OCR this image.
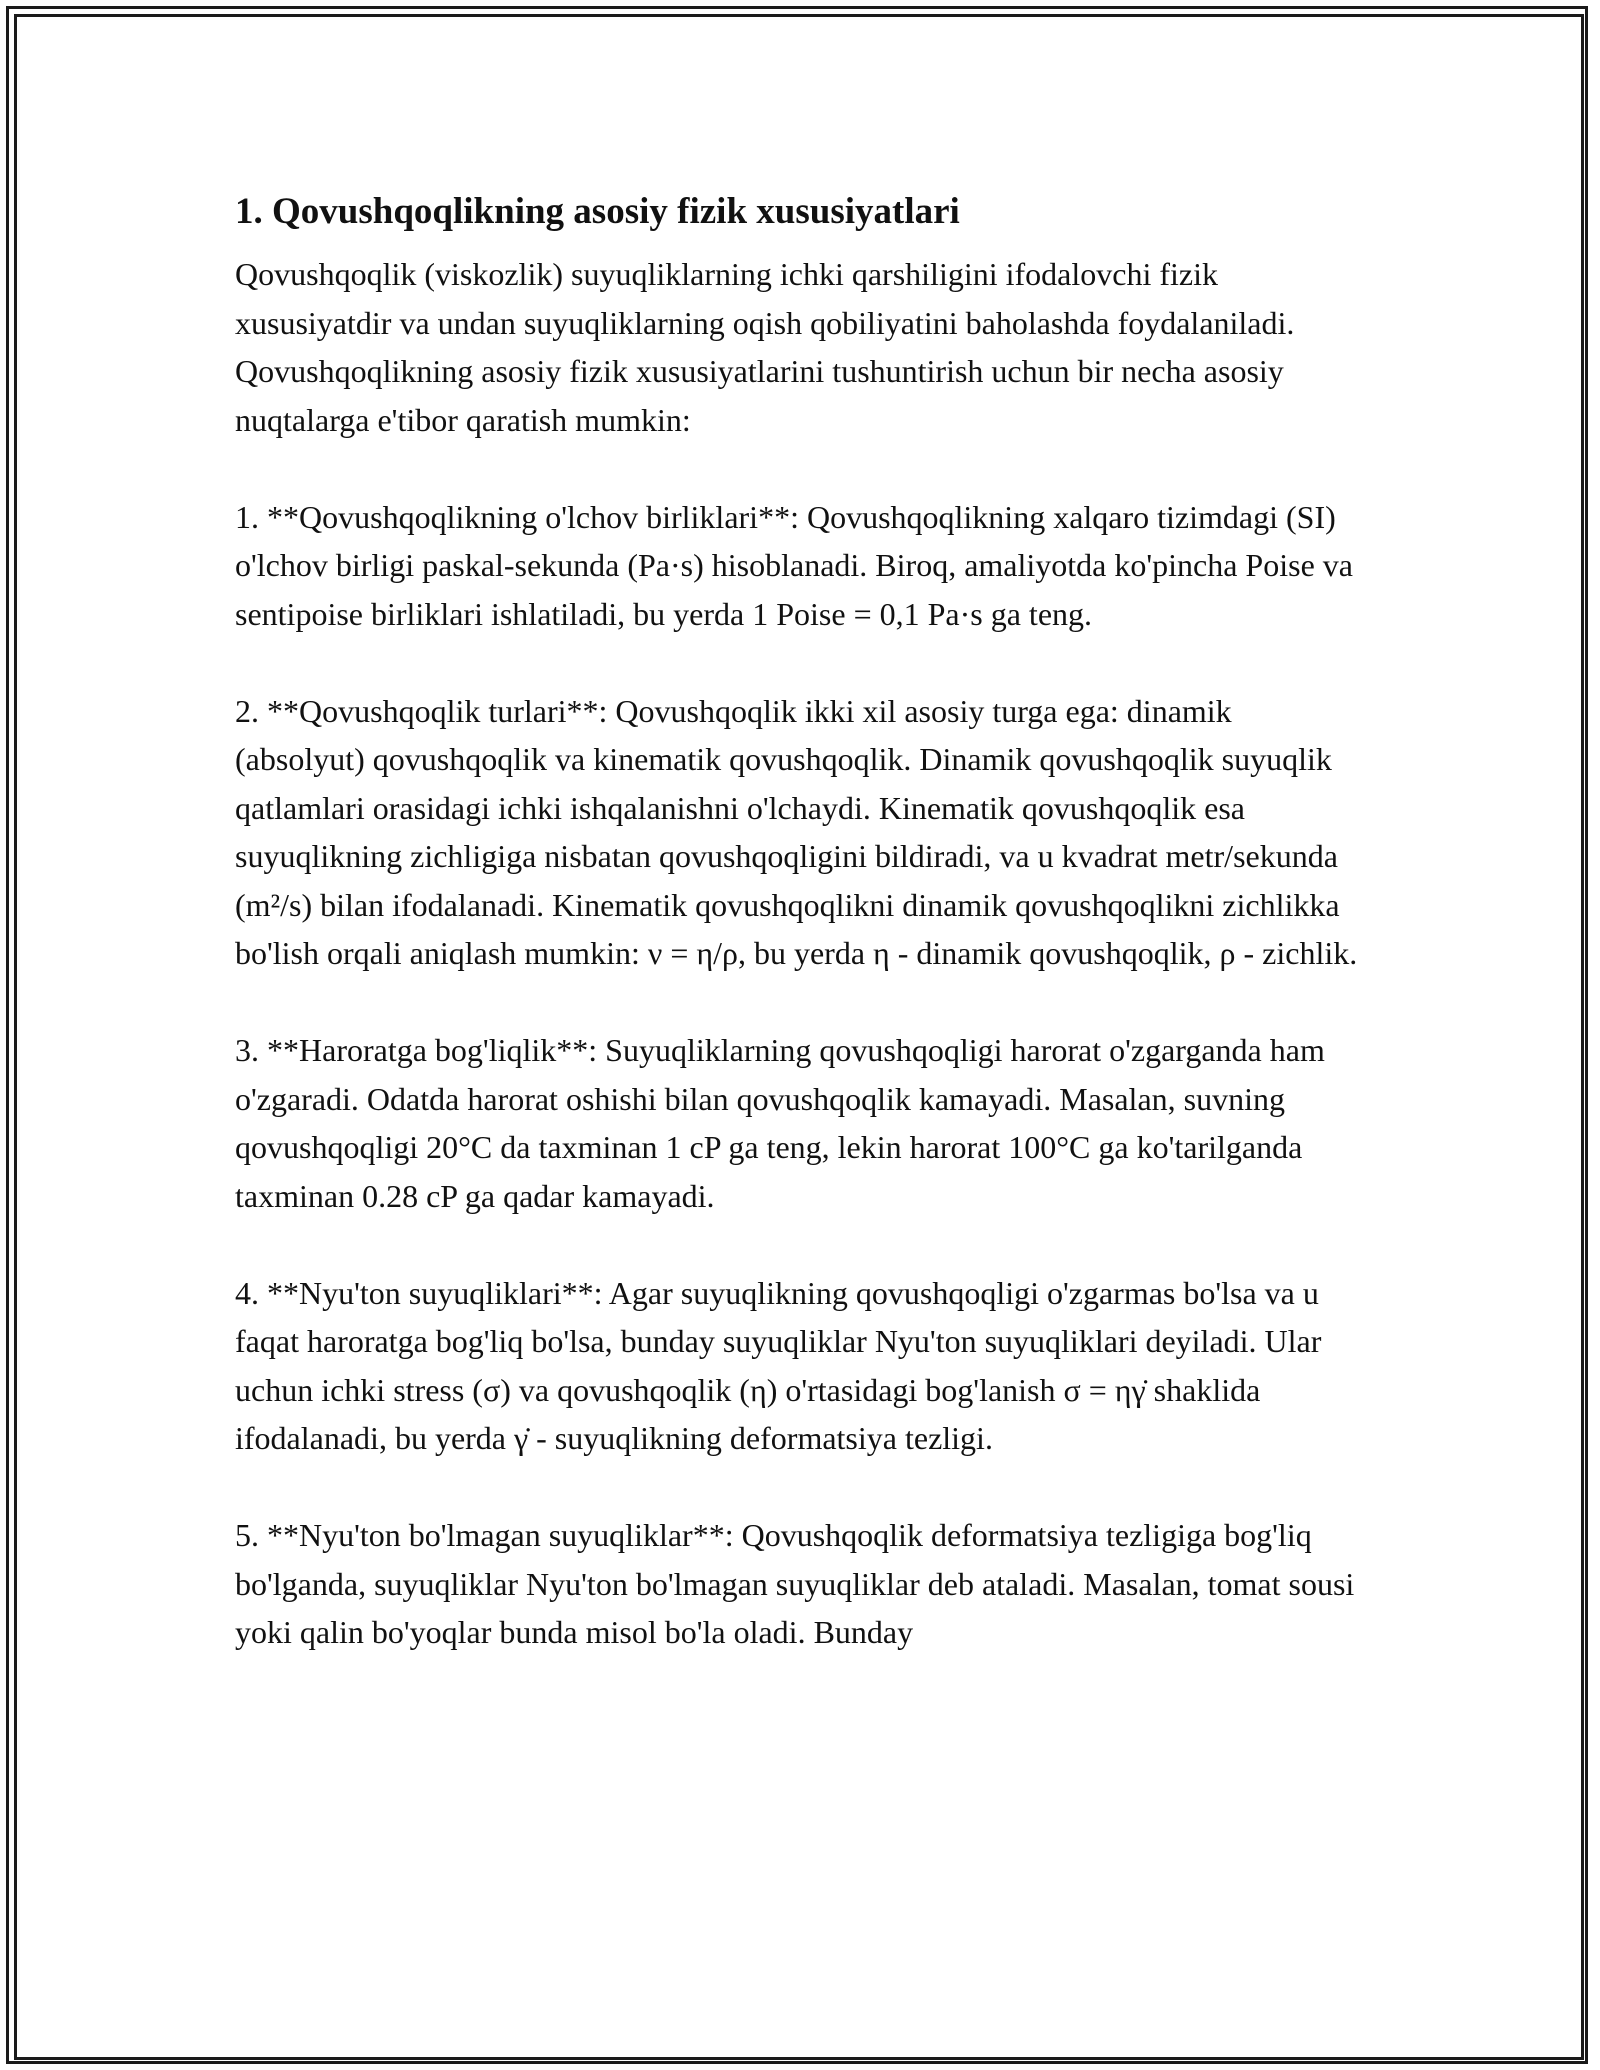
1. Qovushqoqlikning asosiy fizik xususiyatlari

Qovushqoqlik (viskozlik) suyuqliklarning ichki qarshiligini ifodalovchi fizik xususiyatdir va undan suyuqliklarning oqish qobiliyatini baholashda foydalaniladi. Qovushqoqlikning asosiy fizik xususiyatlarini tushuntirish uchun bir necha asosiy nuqtalarga e'tibor qaratish mumkin:

1. **Qovushqoqlikning o'lchov birliklari**: Qovushqoqlikning xalqaro tizimdagi (SI) o'lchov birligi paskal-sekunda (Pa·s) hisoblanadi. Biroq, amaliyotda ko'pincha Poise va sentipoise birliklari ishlatiladi, bu yerda 1 Poise = 0,1 Pa·s ga teng.

2. **Qovushqoqlik turlari**: Qovushqoqlik ikki xil asosiy turga ega: dinamik (absolyut) qovushqoqlik va kinematik qovushqoqlik. Dinamik qovushqoqlik suyuqlik qatlamlari orasidagi ichki ishqalanishni o'lchaydi. Kinematik qovushqoqlik esa suyuqlikning zichligiga nisbatan qovushqoqligini bildiradi, va u kvadrat metr/sekunda (m²/s) bilan ifodalanadi. Kinematik qovushqoqlikni dinamik qovushqoqlikni zichlikka bo'lish orqali aniqlash mumkin: ν = η/ρ, bu yerda η - dinamik qovushqoqlik, ρ - zichlik.

3. **Haroratga bog'liqlik**: Suyuqliklarning qovushqoqligi harorat o'zgarganda ham o'zgaradi. Odatda harorat oshishi bilan qovushqoqlik kamayadi. Masalan, suvning qovushqoqligi 20°C da taxminan 1 cP ga teng, lekin harorat 100°C ga ko'tarilganda taxminan 0.28 cP ga qadar kamayadi.

4. **Nyu'ton suyuqliklari**: Agar suyuqlikning qovushqoqligi o'zgarmas bo'lsa va u faqat haroratga bog'liq bo'lsa, bunday suyuqliklar Nyu'ton suyuqliklari deyiladi. Ular uchun ichki stress (σ) va qovushqoqlik (η) o'rtasidagi bog'lanish σ = ηγ̇ shaklida ifodalanadi, bu yerda γ̇ - suyuqlikning deformatsiya tezligi.

5. **Nyu'ton bo'lmagan suyuqliklar**: Qovushqoqlik deformatsiya tezligiga bog'liq bo'lganda, suyuqliklar Nyu'ton bo'lmagan suyuqliklar deb ataladi. Masalan, tomat sousi yoki qalin bo'yoqlar bunda misol bo'la oladi. Bunday
